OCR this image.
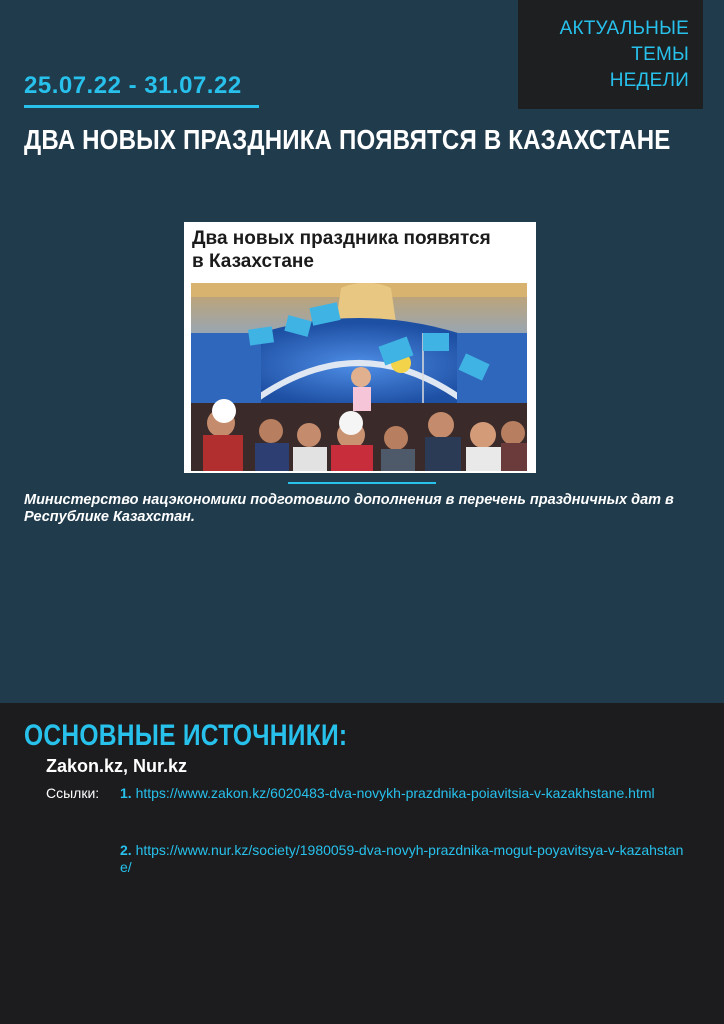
АКТУАЛЬНЫЕ ТЕМЫ
НЕДЕЛИ
25.07.22 - 31.07.22
ДВА НОВЫХ ПРАЗДНИКА ПОЯВЯТСЯ В КАЗАХСТАНЕ
Два новых праздника появятся
в Казахстане
Министерство нацэкономики подготовило дополнения в перечень праздничных дат в Республике Казахстан.
ОСНОВНЫЕ ИСТОЧНИКИ:
Zakon.kz, Nur.kz
Ссылки: 1. https://www.zakon.kz/6020483-dva-novykh-prazdnika-poiavitsia-v-kazakhstane.html
2. https://www.nur.kz/society/1980059-dva-novyh-prazdnika-mogut-poyavitsya-v-kazahstane/
